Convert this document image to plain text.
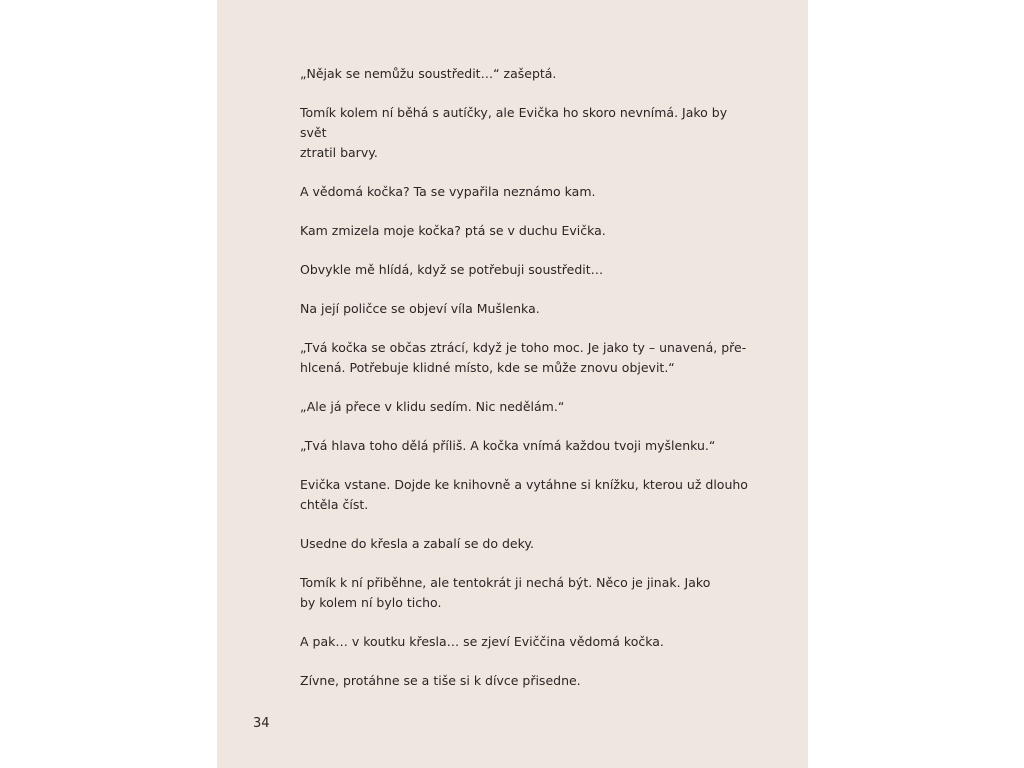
„Nějak se nemůžu soustředit…“ zašeptá.

Tomík kolem ní běhá s autíčky, ale Evička ho skoro nevnímá. Jako by svět
ztratil barvy.

A vědomá kočka? Ta se vypařila neznámo kam.

Kam zmizela moje kočka? ptá se v duchu Evička.

Obvykle mě hlídá, když se potřebuji soustředit…

Na její poličce se objeví víla Mušlenka.

„Tvá kočka se občas ztrácí, když je toho moc. Je jako ty – unavená, pře-
hlcená. Potřebuje klidné místo, kde se může znovu objevit.“

„Ale já přece v klidu sedím. Nic nedělám.“

„Tvá hlava toho dělá příliš. A kočka vnímá každou tvoji myšlenku.“

Evička vstane. Dojde ke knihovně a vytáhne si knížku, kterou už dlouho
chtěla číst.

Usedne do křesla a zabalí se do deky.

Tomík k ní přiběhne, ale tentokrát ji nechá být. Něco je jinak. Jako
by kolem ní bylo ticho.

A pak… v koutku křesla… se zjeví Eviččina vědomá kočka.

Zívne, protáhne se a tiše si k dívce přisedne.

34
